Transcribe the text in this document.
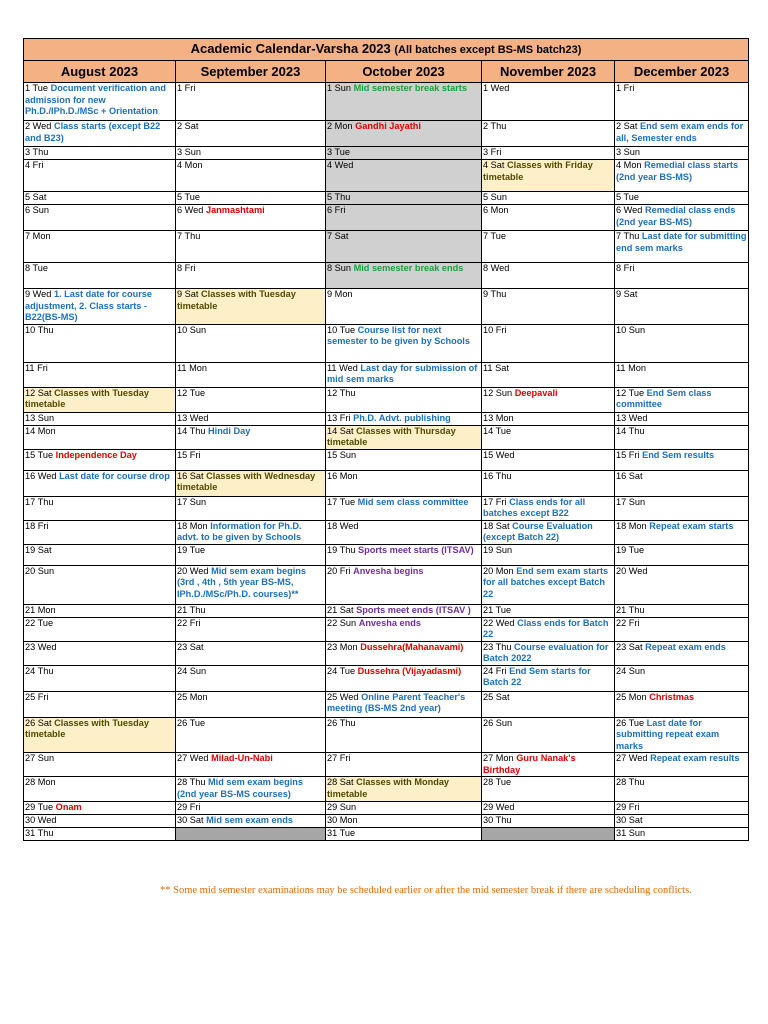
Academic Calendar-Varsha 2023 (All batches except BS-MS batch23)				
August 2023	September 2023	October 2023	November 2023	December 2023
1 Tue Document verification and admission for new Ph.D./IPh.D./MSc + Orientation	1 Fri	1 Sun Mid semester break starts	1 Wed	1 Fri
2 Wed Class starts (except B22 and B23)	2 Sat	2 Mon Gandhi Jayathi	2 Thu	2 Sat End sem exam ends for all, Semester ends
3 Thu	3 Sun	3 Tue	3 Fri	3 Sun
4 Fri	4 Mon	4 Wed	4 Sat Classes with Friday timetable	4 Mon Remedial class starts (2nd year BS-MS)
5 Sat	5 Tue	5 Thu	5 Sun	5 Tue
6 Sun	6 Wed Janmashtami	6 Fri	6 Mon	6 Wed Remedial class ends (2nd year BS-MS)
7 Mon	7 Thu	7 Sat	7 Tue	7 Thu Last date for submitting end sem marks
8 Tue	8 Fri	8 Sun Mid semester break ends	8 Wed	8 Fri
9 Wed 1. Last date for course adjustment, 2. Class starts -B22(BS-MS)	9 Sat Classes with Tuesday timetable	9 Mon	9 Thu	9 Sat
10 Thu	10 Sun	10 Tue Course list for next semester to be given by Schools	10 Fri	10 Sun
11 Fri	11 Mon	11 Wed Last day for submission of mid sem marks	11 Sat	11 Mon
12 Sat Classes with Tuesday timetable	12 Tue	12 Thu	12 Sun Deepavali	12 Tue End Sem class committee
13 Sun	13 Wed	13 Fri Ph.D. Advt. publishing	13 Mon	13 Wed
14 Mon	14 Thu Hindi Day	14 Sat Classes with Thursday timetable	14 Tue	14 Thu
15 Tue Independence Day	15 Fri	15 Sun	15 Wed	15 Fri End Sem results
16 Wed Last date for course drop	16 Sat Classes with Wednesday timetable	16 Mon	16 Thu	16 Sat
17 Thu	17 Sun	17 Tue Mid sem class committee	17 Fri Class ends for all batches except B22	17 Sun
18 Fri	18 Mon Information for Ph.D. advt. to be given by Schools	18 Wed	18 Sat Course Evaluation (except Batch 22)	18 Mon Repeat exam starts
19 Sat	19 Tue	19 Thu Sports meet starts (ITSAV)	19 Sun	19 Tue
20 Sun	20 Wed Mid sem exam begins (3rd , 4th , 5th year BS-MS, IPh.D./MSc/Ph.D. courses)**	20 Fri Anvesha begins	20 Mon End sem exam starts for all batches except Batch 22	20 Wed
21 Mon	21 Thu	21 Sat Sports meet ends (ITSAV )	21 Tue	21 Thu
22 Tue	22 Fri	22 Sun Anvesha ends	22 Wed Class ends for Batch 22	22 Fri
23 Wed	23 Sat	23 Mon Dussehra(Mahanavami)	23 Thu Course evaluation for Batch 2022	23 Sat Repeat exam ends
24 Thu	24 Sun	24 Tue Dussehra (Vijayadasmi)	24 Fri End Sem starts for Batch 22	24 Sun
25 Fri	25 Mon	25 Wed Online Parent Teacher's meeting (BS-MS 2nd year)	25 Sat	25 Mon Christmas
26 Sat Classes with Tuesday timetable	26 Tue	26 Thu	26 Sun	26 Tue Last date for submitting repeat exam marks
27 Sun	27 Wed Milad-Un-Nabi	27 Fri	27 Mon Guru Nanak's Birthday	27 Wed Repeat exam results
28 Mon	28 Thu Mid sem exam begins (2nd year BS-MS courses)	28 Sat Classes with Monday timetable	28 Tue	28 Thu
29 Tue Onam	29 Fri	29 Sun	29 Wed	29 Fri
30 Wed	30 Sat Mid sem exam ends	30 Mon	30 Thu	30 Sat
31 Thu		31 Tue		31 Sun
** Some mid semester examinations may be scheduled earlier or after the mid semester break if there are scheduling conflicts.
